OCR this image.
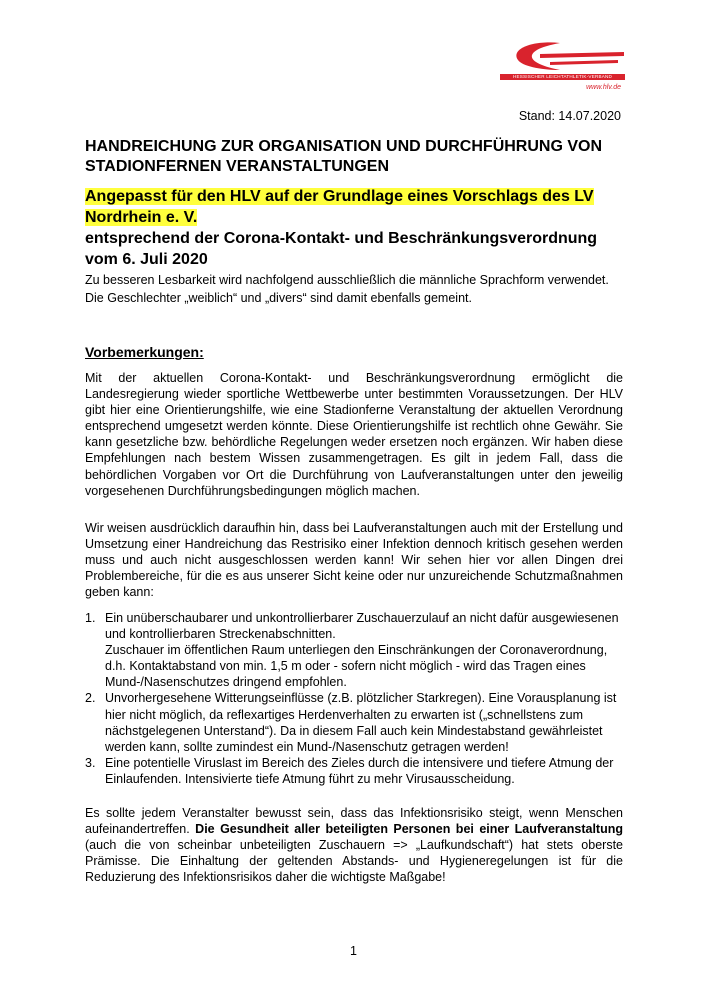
HESSISCHER LEICHTATHLETIK-VERBAND
www.hlv.de
Stand: 14.07.2020
HANDREICHUNG ZUR ORGANISATION UND DURCHFÜHRUNG VON STADIONFERNEN VERANSTALTUNGEN
Angepasst für den HLV auf der Grundlage eines Vorschlags des LV Nordrhein e. V.
entsprechend der Corona-Kontakt- und Beschränkungsverordnung vom 6. Juli 2020
Zu besseren Lesbarkeit wird nachfolgend ausschließlich die männliche Sprachform verwendet. Die Geschlechter „weiblich“ und „divers“ sind damit ebenfalls gemeint.
Vorbemerkungen:

Mit der aktuellen Corona-Kontakt- und Beschränkungsverordnung ermöglicht die Landesregierung wieder sportliche Wettbewerbe unter bestimmten Voraussetzungen. Der HLV gibt hier eine Orientierungshilfe, wie eine Stadionferne Veranstaltung der aktuellen Verordnung entsprechend umgesetzt werden könnte. Diese Orientierungshilfe ist rechtlich ohne Gewähr. Sie kann gesetzliche bzw. behördliche Regelungen weder ersetzen noch ergänzen. Wir haben diese Empfehlungen nach bestem Wissen zusammengetragen. Es gilt in jedem Fall, dass die behördlichen Vorgaben vor Ort die Durchführung von Laufveranstaltungen unter den jeweilig vorgesehenen Durchführungsbedingungen möglich machen.

Wir weisen ausdrücklich daraufhin hin, dass bei Laufveranstaltungen auch mit der Erstellung und Umsetzung einer Handreichung das Restrisiko einer Infektion dennoch kritisch gesehen werden muss und auch nicht ausgeschlossen werden kann! Wir sehen hier vor allen Dingen drei Problembereiche, für die es aus unserer Sicht keine oder nur unzureichende Schutzmaßnahmen geben kann:

1. Ein unüberschaubarer und unkontrollierbarer Zuschauerzulauf an nicht dafür ausgewiesenen und kontrollierbaren Streckenabschnitten.
Zuschauer im öffentlichen Raum unterliegen den Einschränkungen der Coronaverordnung, d.h. Kontaktabstand von min. 1,5 m oder - sofern nicht möglich - wird das Tragen eines Mund-/Nasenschutzes dringend empfohlen.
2. Unvorhergesehene Witterungseinflüsse (z.B. plötzlicher Starkregen). Eine Vorausplanung ist hier nicht möglich, da reflexartiges Herdenverhalten zu erwarten ist („schnellstens zum nächstgelegenen Unterstand“). Da in diesem Fall auch kein Mindestabstand gewährleistet werden kann, sollte zumindest ein Mund-/Nasenschutz getragen werden!
3. Eine potentielle Viruslast im Bereich des Zieles durch die intensivere und tiefere Atmung der Einlaufenden. Intensivierte tiefe Atmung führt zu mehr Virusausscheidung.

Es sollte jedem Veranstalter bewusst sein, dass das Infektionsrisiko steigt, wenn Menschen aufeinandertreffen. Die Gesundheit aller beteiligten Personen bei einer Laufveranstaltung (auch die von scheinbar unbeteiligten Zuschauern => „Laufkundschaft“) hat stets oberste Prämisse. Die Einhaltung der geltenden Abstands- und Hygieneregelungen ist für die Reduzierung des Infektionsrisikos daher die wichtigste Maßgabe!

1
